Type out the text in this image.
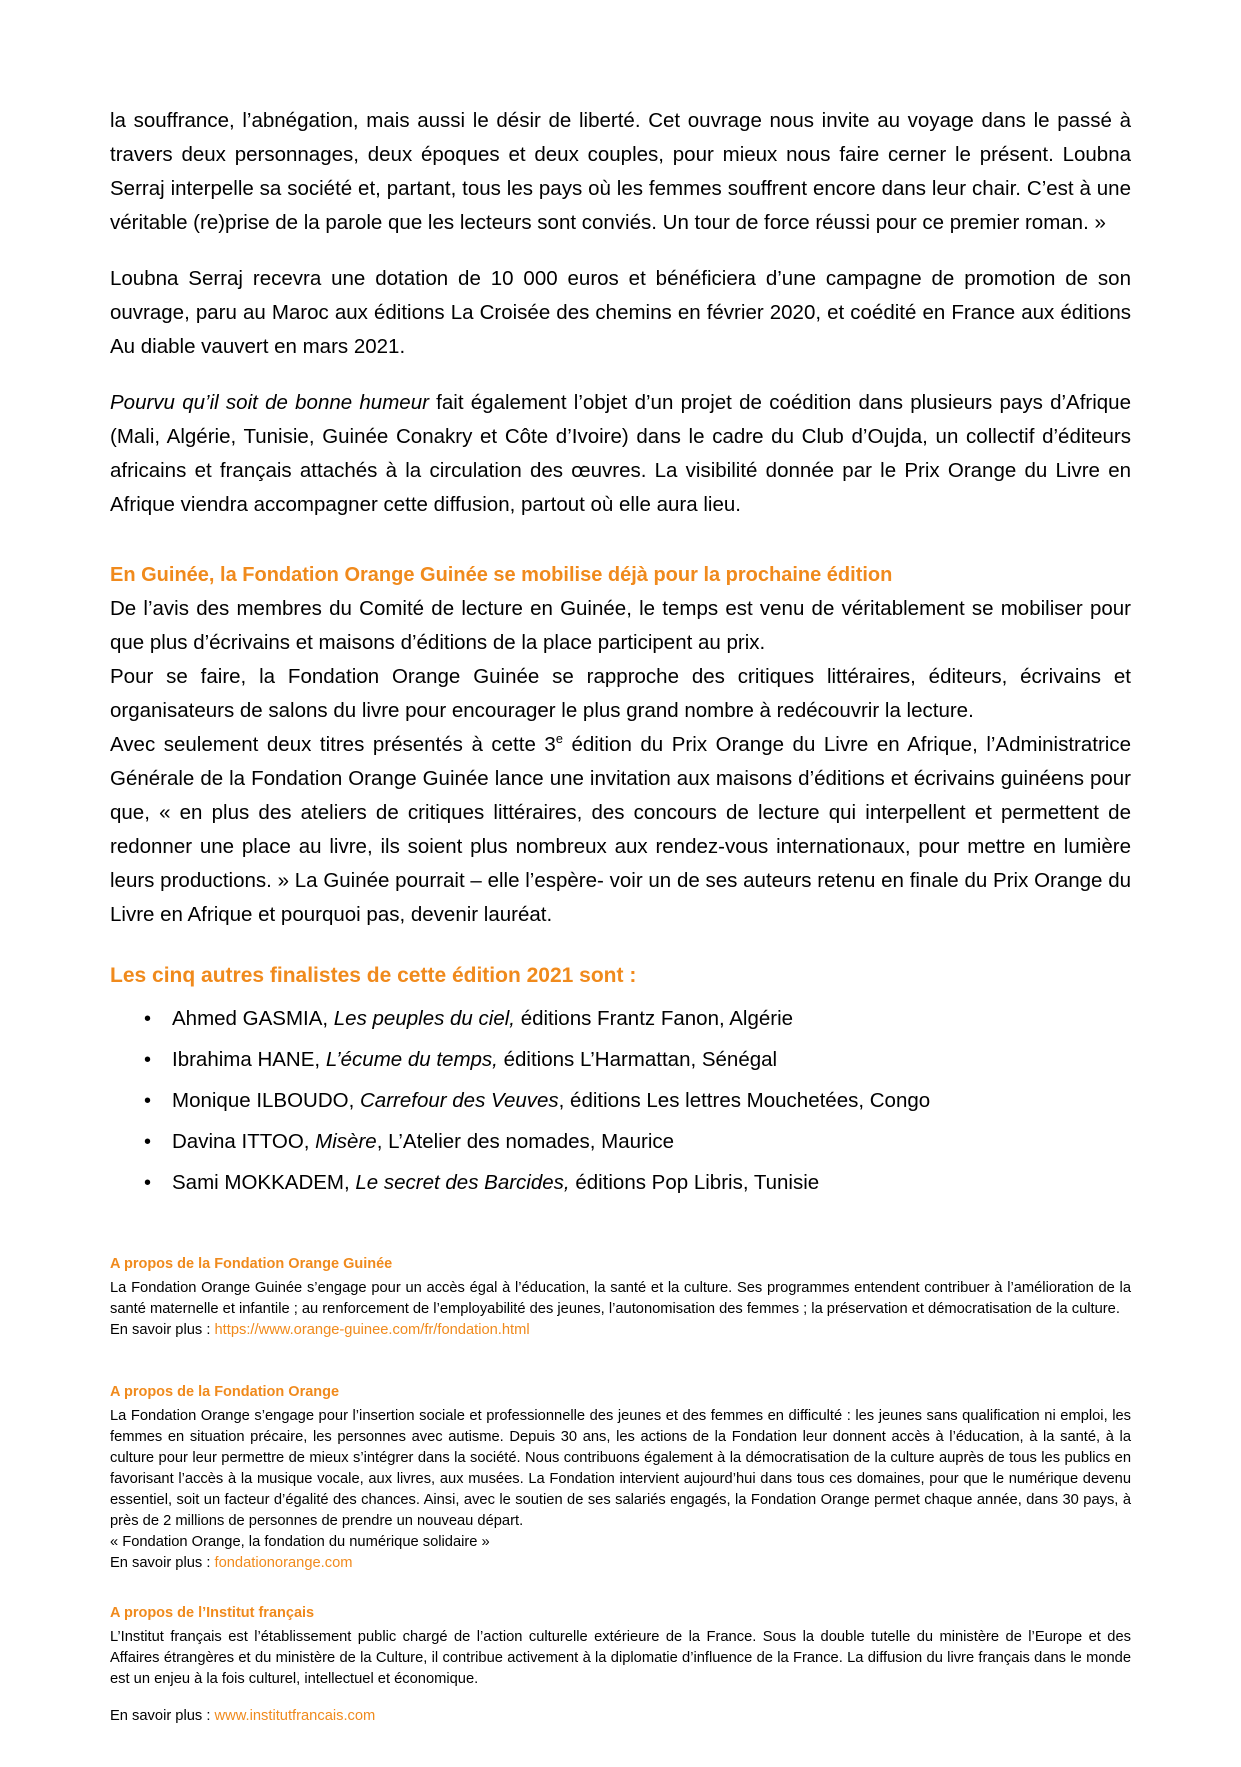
la souffrance, l’abnégation, mais aussi le désir de liberté. Cet ouvrage nous invite au voyage dans le passé à travers deux personnages, deux époques et deux couples, pour mieux nous faire cerner le présent. Loubna Serraj interpelle sa société et, partant, tous les pays où les femmes souffrent encore dans leur chair. C’est à une véritable (re)prise de la parole que les lecteurs sont conviés. Un tour de force réussi pour ce premier roman. »

Loubna Serraj recevra une dotation de 10 000 euros et bénéficiera d’une campagne de promotion de son ouvrage, paru au Maroc aux éditions La Croisée des chemins en février 2020, et coédité en France aux éditions Au diable vauvert en mars 2021.

Pourvu qu’il soit de bonne humeur fait également l’objet d’un projet de coédition dans plusieurs pays d’Afrique (Mali, Algérie, Tunisie, Guinée Conakry et Côte d’Ivoire) dans le cadre du Club d’Oujda, un collectif d’éditeurs africains et français attachés à la circulation des œuvres. La visibilité donnée par le Prix Orange du Livre en Afrique viendra accompagner cette diffusion, partout où elle aura lieu.

En Guinée, la Fondation Orange Guinée se mobilise déjà pour la prochaine édition

De l’avis des membres du Comité de lecture en Guinée, le temps est venu de véritablement se mobiliser pour que plus d’écrivains et maisons d’éditions de la place participent au prix.

Pour se faire, la Fondation Orange Guinée se rapproche des critiques littéraires, éditeurs, écrivains et organisateurs de salons du livre pour encourager le plus grand nombre à redécouvrir la lecture.

Avec seulement deux titres présentés à cette 3e édition du Prix Orange du Livre en Afrique, l’Administratrice Générale de la Fondation Orange Guinée lance une invitation aux maisons d’éditions et écrivains guinéens pour que, « en plus des ateliers de critiques littéraires, des concours de lecture qui interpellent et permettent de redonner une place au livre, ils soient plus nombreux aux rendez-vous internationaux, pour mettre en lumière leurs productions. » La Guinée pourrait – elle l’espère- voir un de ses auteurs retenu en finale du Prix Orange du Livre en Afrique et pourquoi pas, devenir lauréat.

Les cinq autres finalistes de cette édition 2021 sont :
• Ahmed GASMIA, Les peuples du ciel, éditions Frantz Fanon, Algérie
• Ibrahima HANE, L’écume du temps, éditions L’Harmattan, Sénégal
• Monique ILBOUDO, Carrefour des Veuves, éditions Les lettres Mouchetées, Congo
• Davina ITTOO, Misère, L’Atelier des nomades, Maurice
• Sami MOKKADEM, Le secret des Barcides, éditions Pop Libris, Tunisie
A propos de la Fondation Orange Guinée

La Fondation Orange Guinée s’engage pour un accès égal à l’éducation, la santé et la culture. Ses programmes entendent contribuer à l’amélioration de la santé maternelle et infantile ; au renforcement de l’employabilité des jeunes, l’autonomisation des femmes ; la préservation et démocratisation de la culture.

En savoir plus : https://www.orange-guinee.com/fr/fondation.html

A propos de la Fondation Orange

La Fondation Orange s’engage pour l’insertion sociale et professionnelle des jeunes et des femmes en difficulté : les jeunes sans qualification ni emploi, les femmes en situation précaire, les personnes avec autisme. Depuis 30 ans, les actions de la Fondation leur donnent accès à l’éducation, à la santé, à la culture pour leur permettre de mieux s’intégrer dans la société. Nous contribuons également à la démocratisation de la culture auprès de tous les publics en favorisant l’accès à la musique vocale, aux livres, aux musées. La Fondation intervient aujourd’hui dans tous ces domaines, pour que le numérique devenu essentiel, soit un facteur d’égalité des chances. Ainsi, avec le soutien de ses salariés engagés, la Fondation Orange permet chaque année, dans 30 pays, à près de 2 millions de personnes de prendre un nouveau départ.

« Fondation Orange, la fondation du numérique solidaire »

En savoir plus : fondationorange.com

A propos de l’Institut français

L’Institut français est l’établissement public chargé de l’action culturelle extérieure de la France. Sous la double tutelle du ministère de l’Europe et des Affaires étrangères et du ministère de la Culture, il contribue activement à la diplomatie d’influence de la France. La diffusion du livre français dans le monde est un enjeu à la fois culturel, intellectuel et économique.

En savoir plus : www.institutfrancais.com
